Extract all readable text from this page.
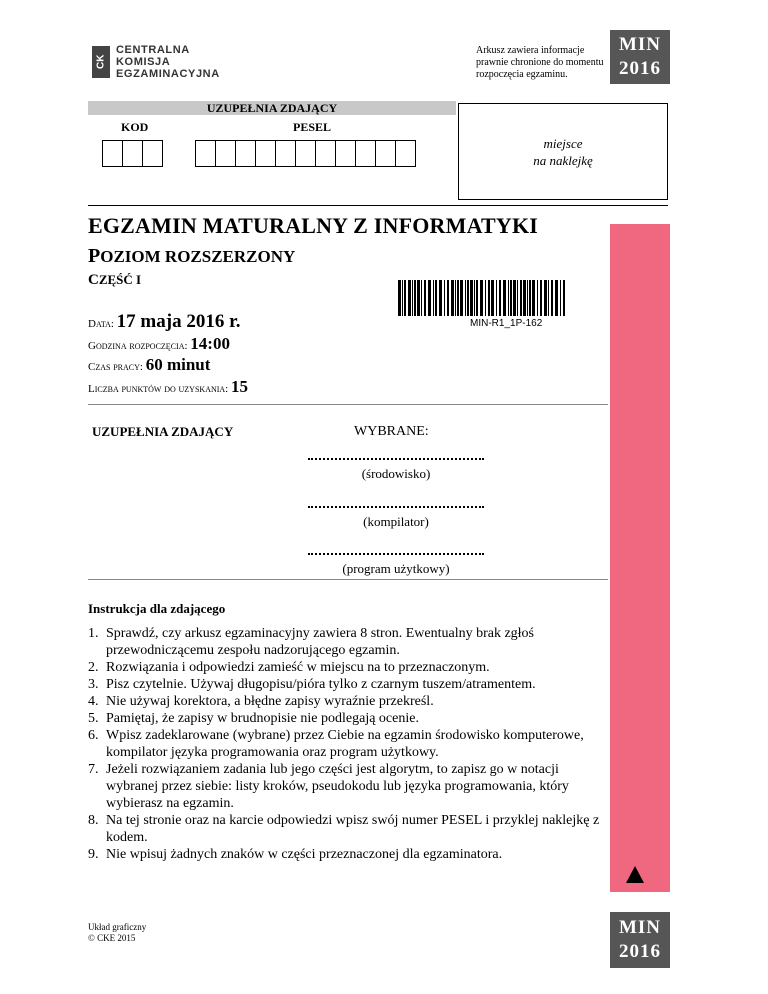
CK
CENTRALNA
KOMISJA
EGZAMINACYJNA
Arkusz zawiera informacje
prawnie chronione do momentu
rozpoczęcia egzaminu.
MIN
2016
UZUPEŁNIA ZDAJĄCY
KOD	PESEL
miejsce
na naklejkę
EGZAMIN MATURALNY Z INFORMATYKI
POZIOM ROZSZERZONY
CZĘŚĆ I
MIN-R1_1P-162
Data: 17 maja 2016 r.
Godzina rozpoczęcia: 14:00
Czas pracy: 60 minut
Liczba punktów do uzyskania: 15
UZUPEŁNIA ZDAJĄCY	WYBRANE:
(środowisko)
(kompilator)
(program użytkowy)
Instrukcja dla zdającego
1. Sprawdź, czy arkusz egzaminacyjny zawiera 8 stron. Ewentualny brak zgłoś przewodniczącemu zespołu nadzorującego egzamin.
2. Rozwiązania i odpowiedzi zamieść w miejscu na to przeznaczonym.
3. Pisz czytelnie. Używaj długopisu/pióra tylko z czarnym tuszem/atramentem.
4. Nie używaj korektora, a błędne zapisy wyraźnie przekreśl.
5. Pamiętaj, że zapisy w brudnopisie nie podlegają ocenie.
6. Wpisz zadeklarowane (wybrane) przez Ciebie na egzamin środowisko komputerowe, kompilator języka programowania oraz program użytkowy.
7. Jeżeli rozwiązaniem zadania lub jego części jest algorytm, to zapisz go w notacji wybranej przez siebie: listy kroków, pseudokodu lub języka programowania, który wybierasz na egzamin.
8. Na tej stronie oraz na karcie odpowiedzi wpisz swój numer PESEL i przyklej naklejkę z kodem.
9. Nie wpisuj żadnych znaków w części przeznaczonej dla egzaminatora.
Układ graficzny
© CKE 2015	MIN
2016
